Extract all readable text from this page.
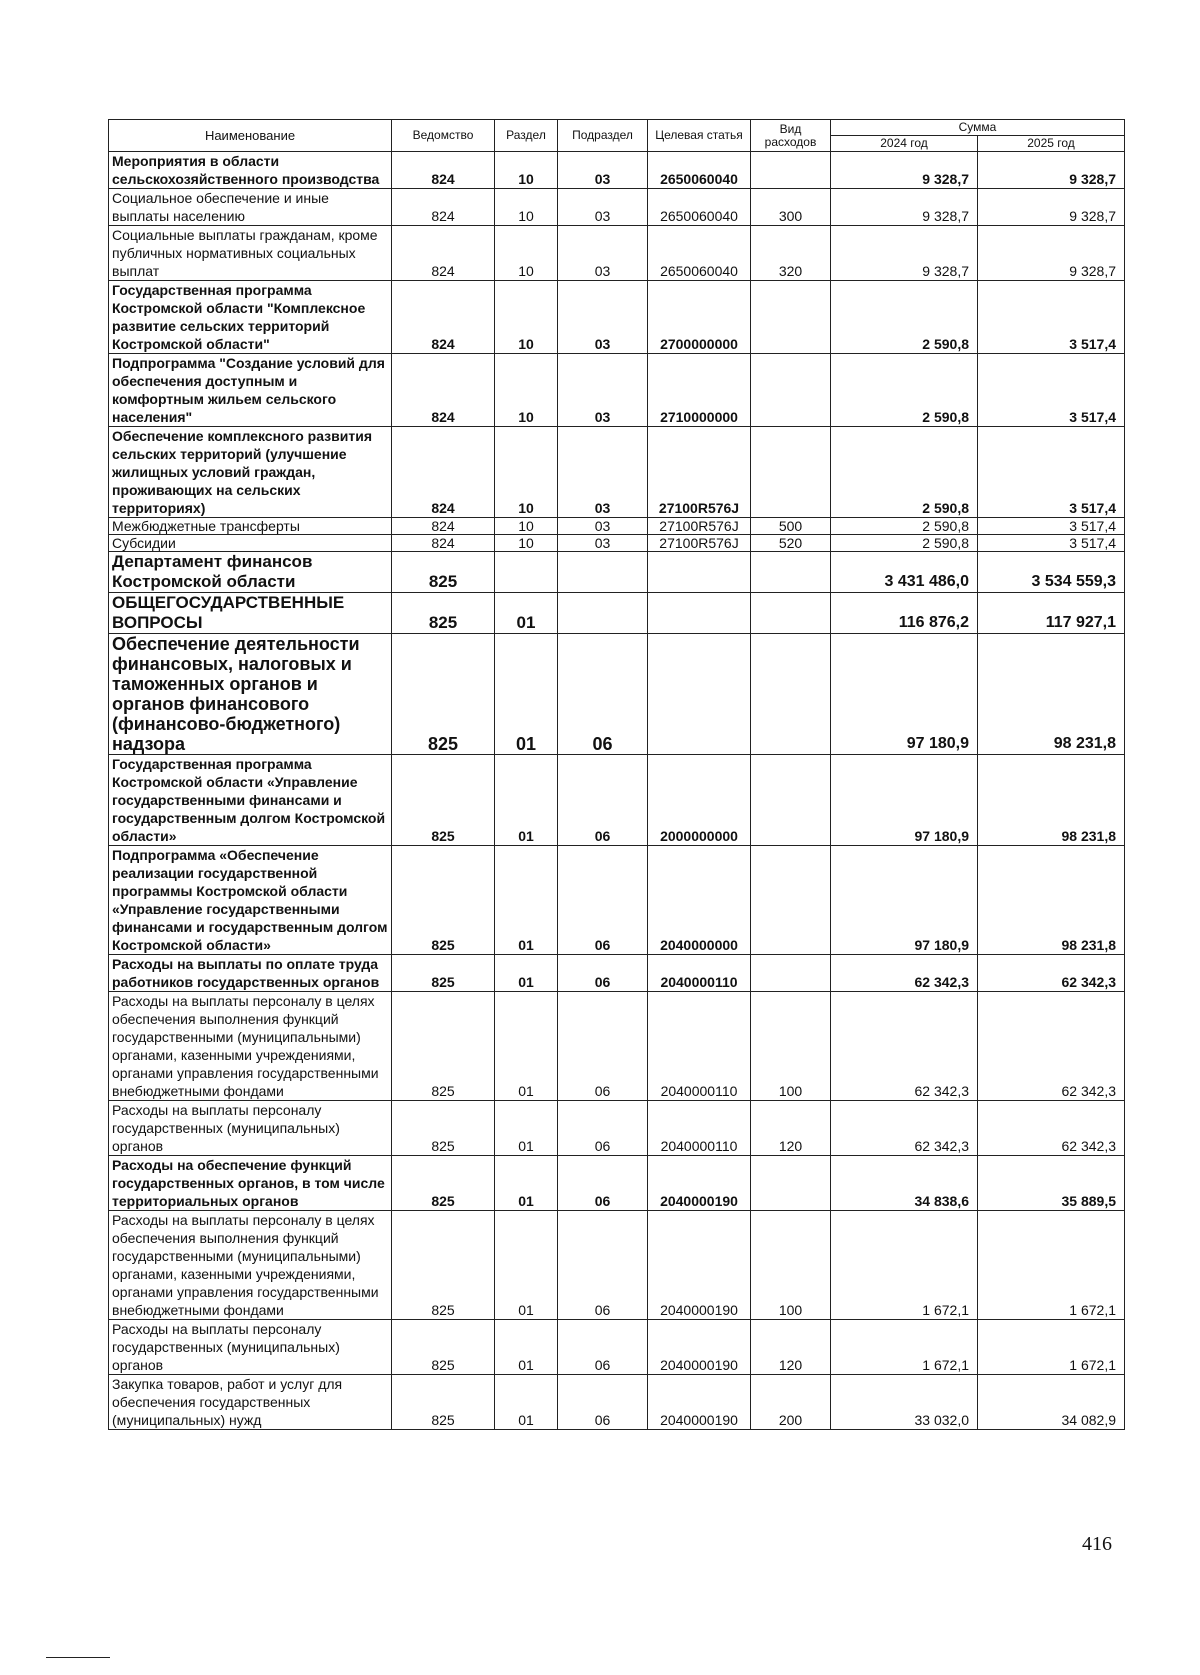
Наименование	Ведомство	Раздел	Подраздел	Целевая статья	Вид расходов	Сумма	
						2024 год	2025 год
Мероприятия в области сельскохозяйственного производства	824	10	03	2650060040		9 328,7	9 328,7
Социальное обеспечение и иные выплаты населению	824	10	03	2650060040	300	9 328,7	9 328,7
Социальные выплаты гражданам, кроме публичных нормативных социальных выплат	824	10	03	2650060040	320	9 328,7	9 328,7
Государственная программа Костромской области "Комплексное развитие сельских территорий Костромской области"	824	10	03	2700000000		2 590,8	3 517,4
Подпрограмма "Создание условий для обеспечения доступным и комфортным жильем сельского населения"	824	10	03	2710000000		2 590,8	3 517,4
Обеспечение комплексного развития сельских территорий (улучшение жилищных условий граждан, проживающих на сельских территориях)	824	10	03	27100R576J		2 590,8	3 517,4
Межбюджетные трансферты	824	10	03	27100R576J	500	2 590,8	3 517,4
Субсидии	824	10	03	27100R576J	520	2 590,8	3 517,4
Департамент финансов Костромской области	825					3 431 486,0	3 534 559,3
ОБЩЕГОСУДАРСТВЕННЫЕ ВОПРОСЫ	825	01				116 876,2	117 927,1
Обеспечение деятельности финансовых, налоговых и таможенных органов и органов финансового (финансово-бюджетного) надзора	825	01	06			97 180,9	98 231,8
Государственная программа Костромской области «Управление государственными финансами и государственным долгом Костромской области»	825	01	06	2000000000		97 180,9	98 231,8
Подпрограмма «Обеспечение реализации государственной программы Костромской области «Управление государственными финансами и государственным долгом Костромской области»	825	01	06	2040000000		97 180,9	98 231,8
Расходы на выплаты по оплате труда работников государственных органов	825	01	06	2040000110		62 342,3	62 342,3
Расходы на выплаты персоналу в целях обеспечения выполнения функций государственными (муниципальными) органами, казенными учреждениями, органами управления государственными внебюджетными фондами	825	01	06	2040000110	100	62 342,3	62 342,3
Расходы на выплаты персоналу государственных (муниципальных) органов	825	01	06	2040000110	120	62 342,3	62 342,3
Расходы на обеспечение функций государственных органов, в том числе территориальных органов	825	01	06	2040000190		34 838,6	35 889,5
Расходы на выплаты персоналу в целях обеспечения выполнения функций государственными (муниципальными) органами, казенными учреждениями, органами управления государственными внебюджетными фондами	825	01	06	2040000190	100	1 672,1	1 672,1
Расходы на выплаты персоналу государственных (муниципальных) органов	825	01	06	2040000190	120	1 672,1	1 672,1
Закупка товаров, работ и услуг для обеспечения государственных (муниципальных) нужд	825	01	06	2040000190	200	33 032,0	34 082,9
416
